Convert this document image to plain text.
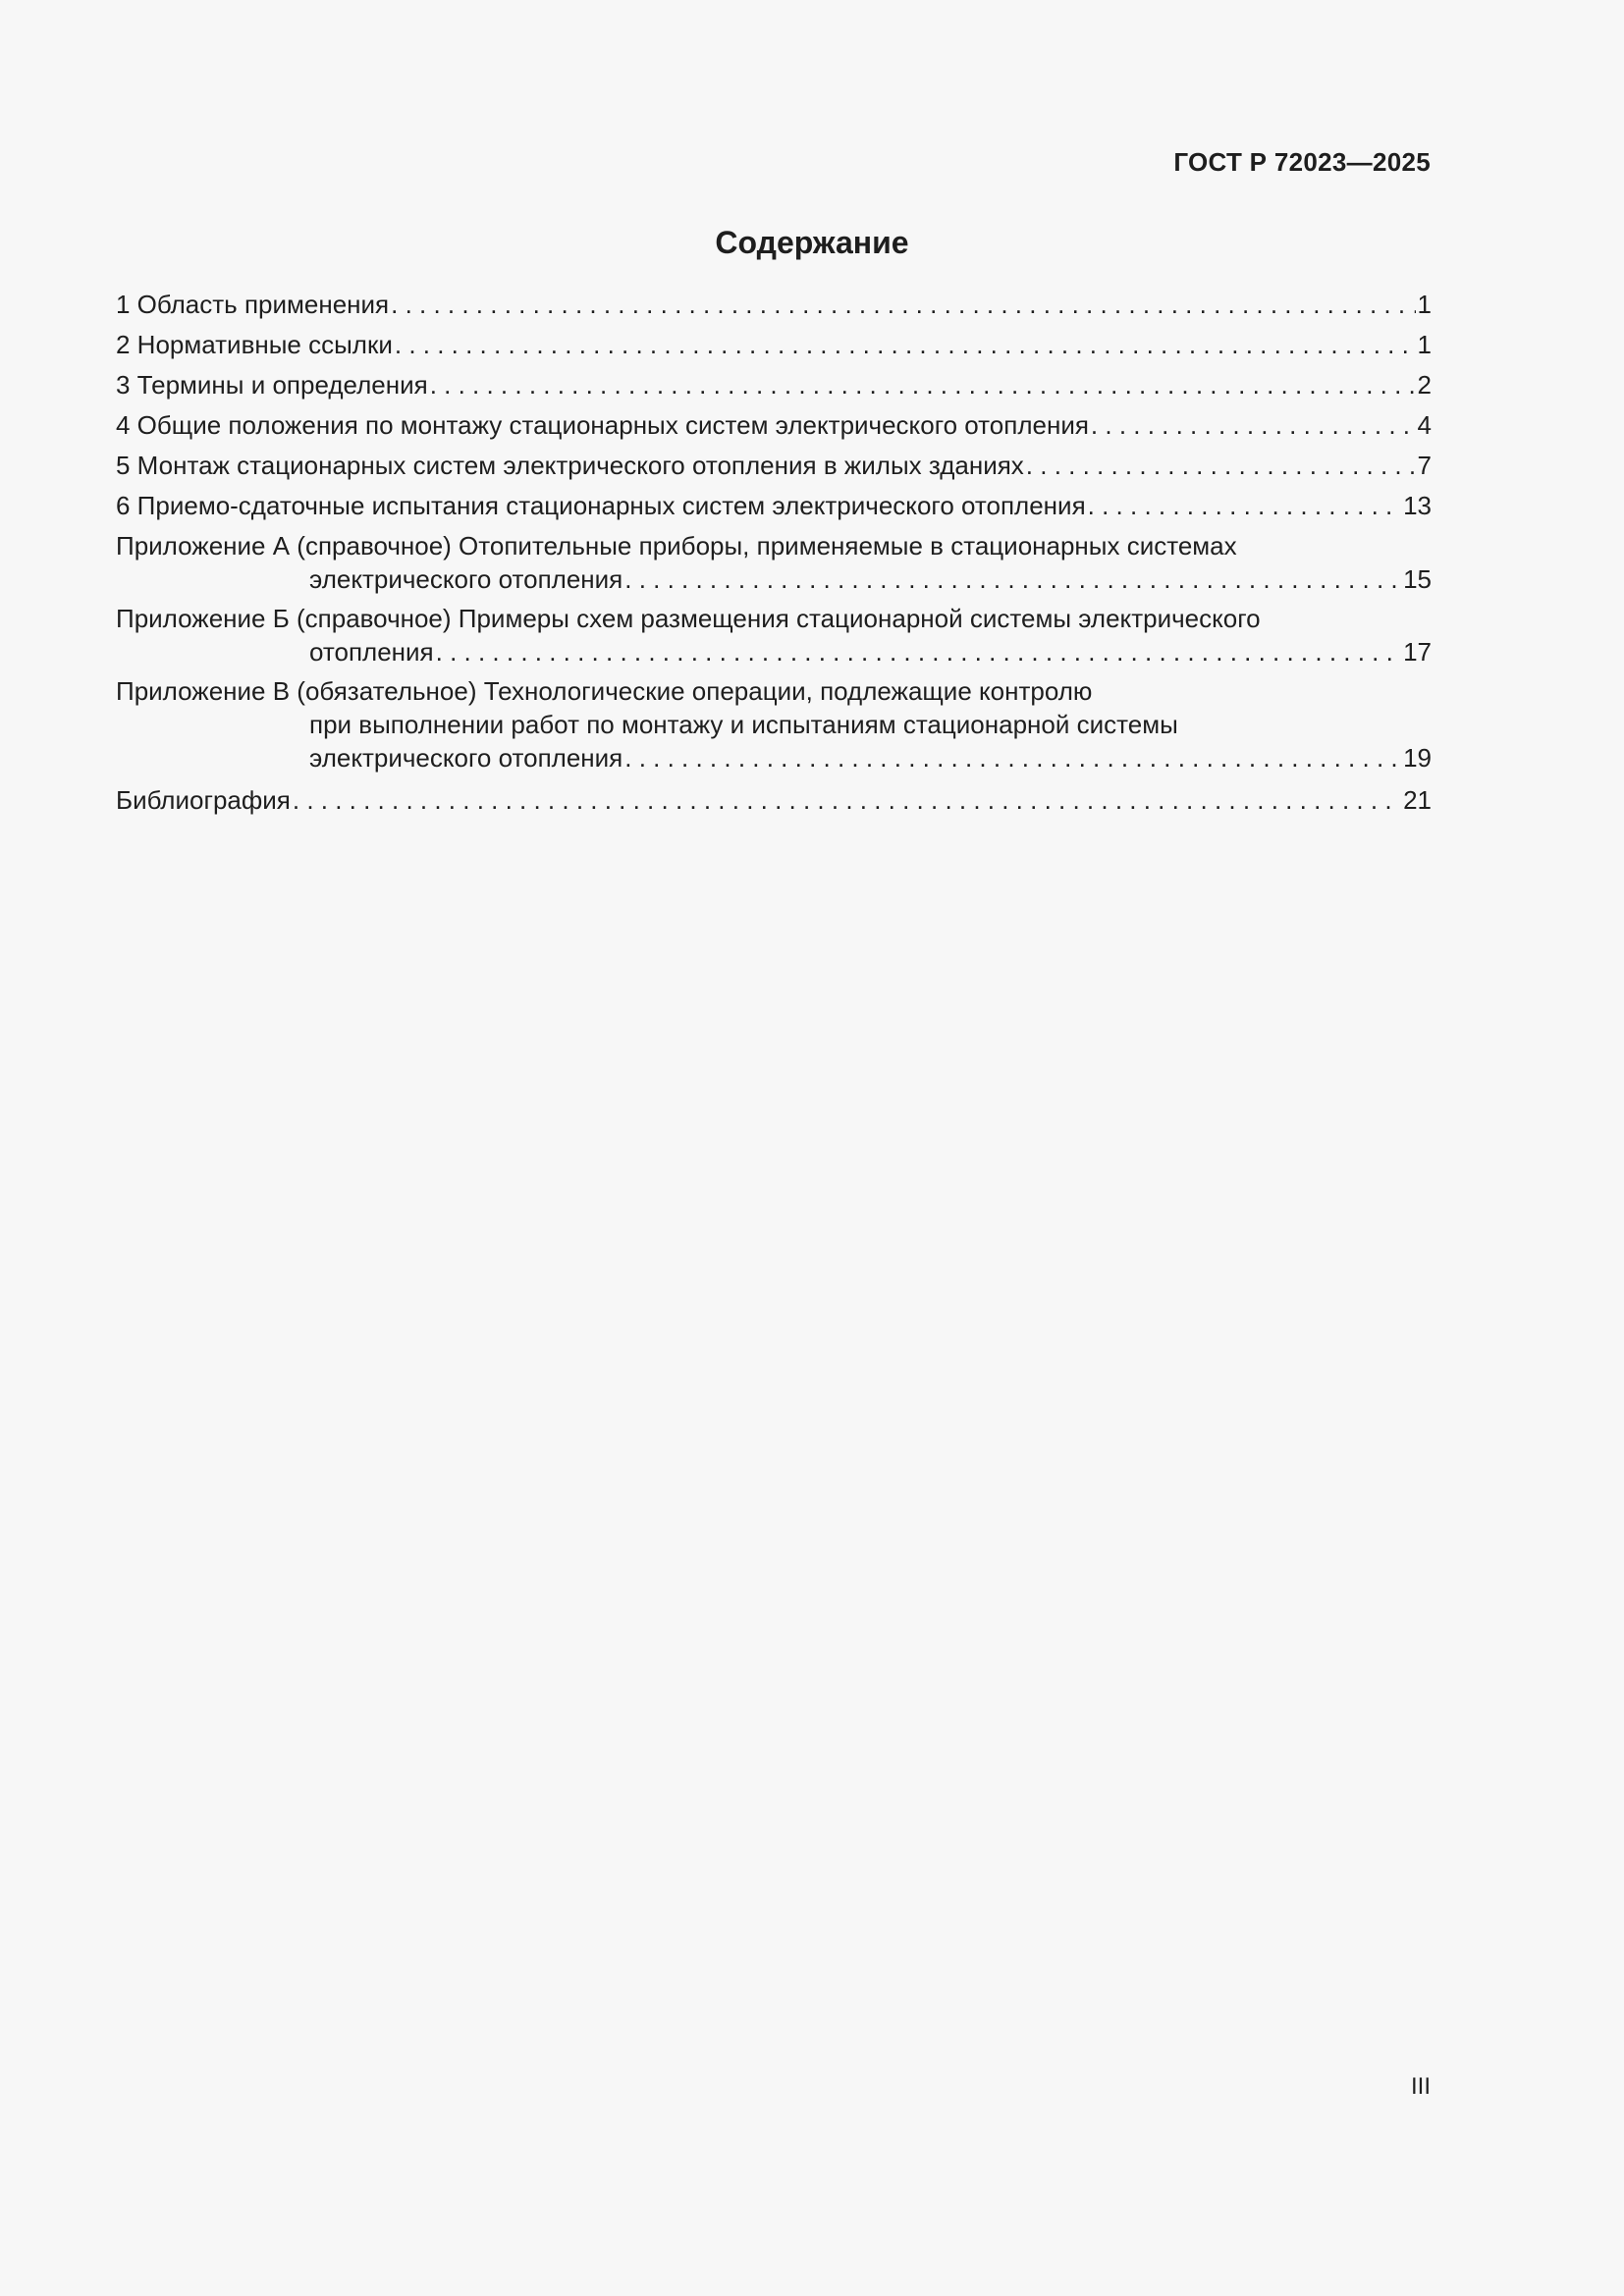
ГОСТ Р 72023—2025
Содержание
1 Область применения . . .	1
2 Нормативные ссылки . . .	1
3 Термины и определения . . .	2
4 Общие положения по монтажу стационарных систем электрического отопления . . .	4
5 Монтаж стационарных систем электрического отопления в жилых зданиях . . .	7
6 Приемо-сдаточные испытания стационарных систем электрического отопления . . .	13
Приложение А (справочное) Отопительные приборы, применяемые в стационарных системах
электрического отопления . . .	15
Приложение Б (справочное) Примеры схем размещения стационарной системы электрического
отопления . . .	17
Приложение В (обязательное) Технологические операции, подлежащие контролю
при выполнении работ по монтажу и испытаниям стационарной системы
электрического отопления . . .	19
Библиография . . .	21
III
